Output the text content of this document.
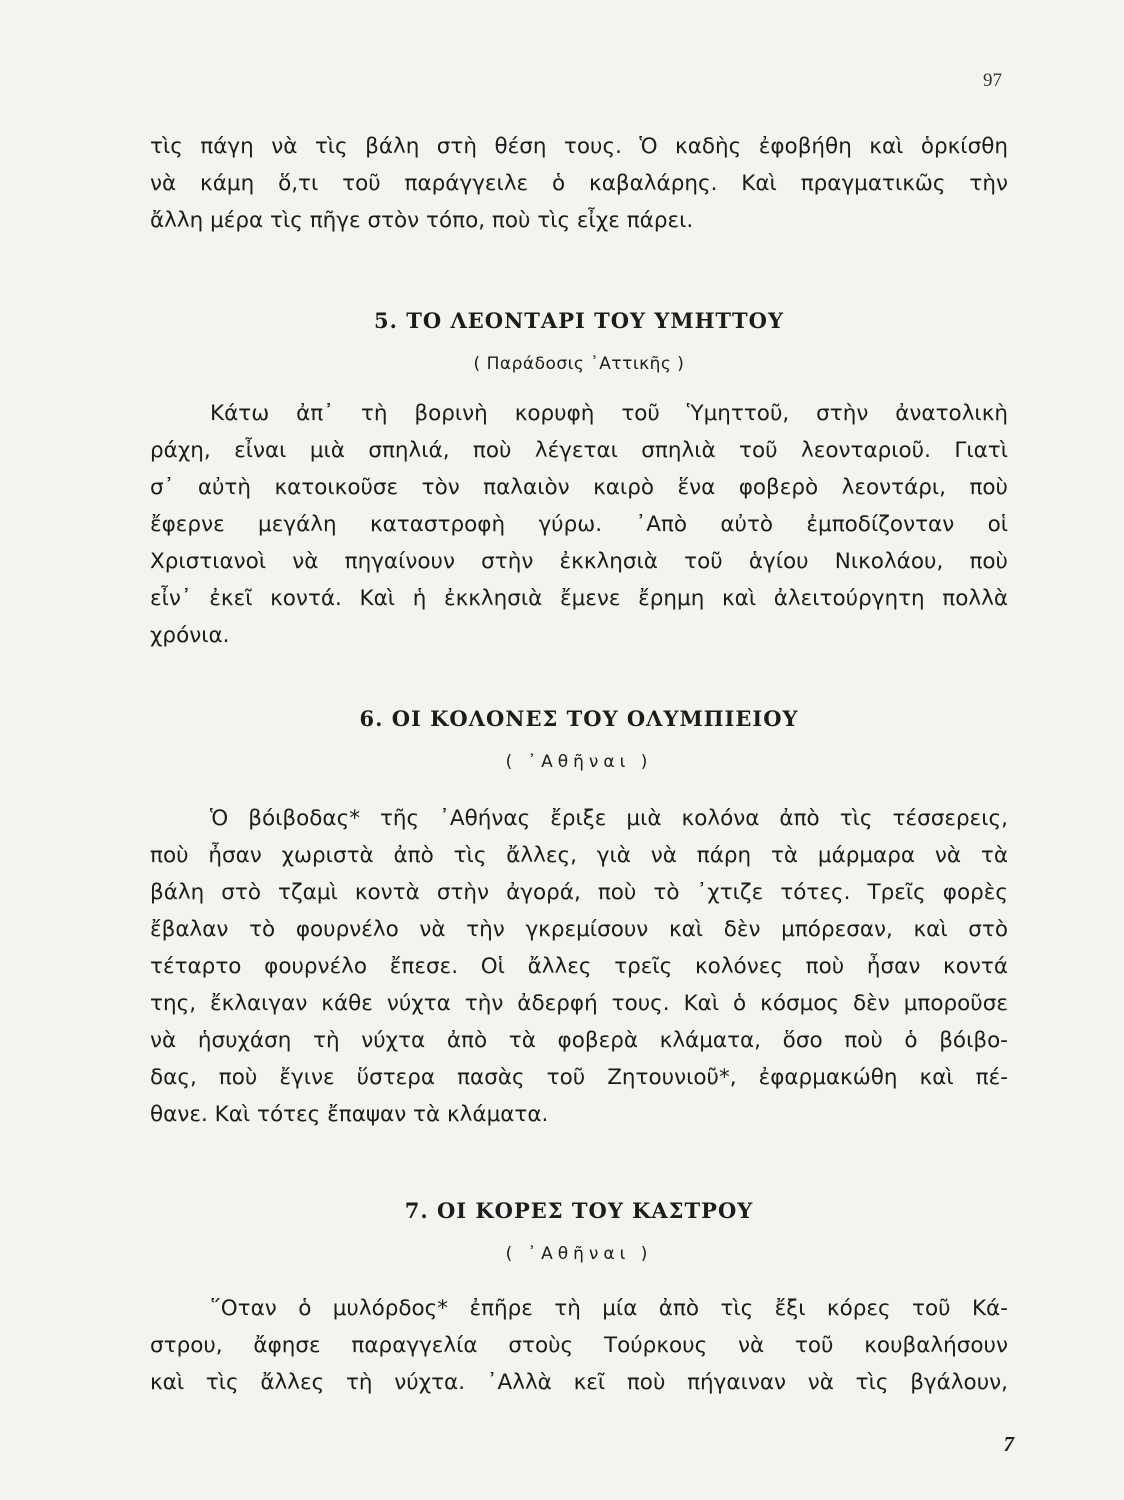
97
τὶς πάγη νὰ τὶς βάλη στὴ θέση τους. Ὁ καδὴς ἐφοβήθη καὶ ὁρκίσθη
νὰ κάμη ὅ,τι τοῦ παράγγειλε ὁ καβαλάρης. Καὶ πραγματικῶς τὴν
ἄλλη μέρα τὶς πῆγε στὸν τόπο, ποὺ τὶς εἶχε πάρει.
5. ΤΟ ΛΕΟΝΤΑΡΙ ΤΟΥ ΥΜΗΤΤΟΥ
( Παράδοσις ᾽Αττικῆς )
Κάτω ἀπ᾽ τὴ βορινὴ κορυφὴ τοῦ Ὑμηττοῦ, στὴν ἀνατολικὴ
ράχη, εἶναι μιὰ σπηλιά, ποὺ λέγεται σπηλιὰ τοῦ λεονταριοῦ. Γιατὶ
σ᾽ αὐτὴ κατοικοῦσε τὸν παλαιὸν καιρὸ ἕνα φοβερὸ λεοντάρι, ποὺ
ἔφερνε μεγάλη καταστροφὴ γύρω. ᾽Απὸ αὐτὸ ἐμποδίζονταν οἱ
Χριστιανοὶ νὰ πηγαίνουν στὴν ἐκκλησιὰ τοῦ ἁγίου Νικολάου, ποὺ
εἶν᾽ ἐκεῖ κοντά. Καὶ ἡ ἐκκλησιὰ ἔμενε ἔρημη καὶ ἀλειτούργητη πολλὰ
χρόνια.
6. ΟΙ ΚΟΛΟΝΕΣ ΤΟΥ ΟΛΥΜΠΙΕΙΟΥ
( ᾽Αθῆναι )
Ὁ βόιβοδας* τῆς ᾽Αθήνας ἔριξε μιὰ κολόνα ἀπὸ τὶς τέσσερεις,
ποὺ ἦσαν χωριστὰ ἀπὸ τὶς ἄλλες, γιὰ νὰ πάρη τὰ μάρμαρα νὰ τὰ
βάλη στὸ τζαμὶ κοντὰ στὴν ἀγορά, ποὺ τὸ ᾽χτιζε τότες. Τρεῖς φορὲς
ἔβαλαν τὸ φουρνέλο νὰ τὴν γκρεμίσουν καὶ δὲν μπόρεσαν, καὶ στὸ
τέταρτο φουρνέλο ἔπεσε. Οἱ ἄλλες τρεῖς κολόνες ποὺ ἦσαν κοντά
της, ἔκλαιγαν κάθε νύχτα τὴν ἀδερφή τους. Καὶ ὁ κόσμος δὲν μποροῦσε
νὰ ἡσυχάση τὴ νύχτα ἀπὸ τὰ φοβερὰ κλάματα, ὅσο ποὺ ὁ βόιβο-
δας, ποὺ ἔγινε ὕστερα πασὰς τοῦ Ζητουνιοῦ*, ἐφαρμακώθη καὶ πέ-
θανε. Καὶ τότες ἔπαψαν τὰ κλάματα.
7. ΟΙ ΚΟΡΕΣ ΤΟΥ ΚΑΣΤΡΟΥ
( ᾽Αθῆναι )
῞Οταν ὁ μυλόρδος* ἐπῆρε τὴ μία ἀπὸ τὶς ἔξι κόρες τοῦ Κά-
στρου, ἄφησε παραγγελία στοὺς Τούρκους νὰ τοῦ κουβαλήσουν
καὶ τὶς ἄλλες τὴ νύχτα. ᾽Αλλὰ κεῖ ποὺ πήγαιναν νὰ τὶς βγάλουν,
7
